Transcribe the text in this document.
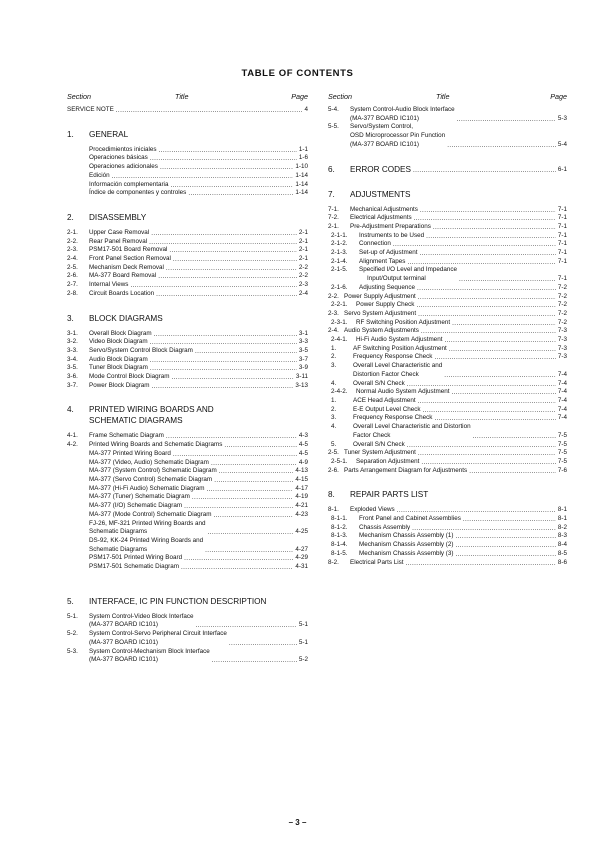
TABLE OF CONTENTS
Section	Title	Page
SERVICE NOTE .....	4
1.	GENERAL
Procedimientos iniciales .....	1-1
Operaciones básicas .....	1-6
Operaciones adicionales .....	1-10
Edición .....	1-14
Información complementaria .....	1-14
Índice de componentes y controles .....	1-14
2.	DISASSEMBLY
2-1.	Upper Case Removal .....	2-1
2-2.	Rear Panel Removal .....	2-1
2-3.	PSM17-501 Board Removal .....	2-1
2-4.	Front Panel Section Removal .....	2-1
2-5.	Mechanism Deck Removal .....	2-2
2-6.	MA-377 Board Removal .....	2-2
2-7.	Internal Views .....	2-3
2-8.	Circuit Boards Location .....	2-4
3.	BLOCK DIAGRAMS
3-1.	Overall Block Diagram .....	3-1
3-2.	Video Block Diagram .....	3-3
3-3.	Servo/System Control Block Diagram .....	3-5
3-4.	Audio Block Diagram .....	3-7
3-5.	Tuner Block Diagram .....	3-9
3-6.	Mode Control Block Diagram .....	3-11
3-7.	Power Block Diagram .....	3-13
4.	PRINTED WIRING BOARDS AND
SCHEMATIC DIAGRAMS
4-1.	Frame Schematic Diagram .....	4-3
4-2.	Printed Wiring Boards and Schematic Diagrams .....	4-5
MA-377 Printed Wiring Board .....	4-5
MA-377 (Video, Audio) Schematic Diagram .....	4-9
MA-377 (System Control) Schematic Diagram .....	4-13
MA-377 (Servo Control) Schematic Diagram .....	4-15
MA-377 (Hi-Fi Audio) Schematic Diagram .....	4-17
MA-377 (Tuner) Schematic Diagram .....	4-19
MA-377 (I/O) Schematic Diagram .....	4-21
MA-377 (Mode Control) Schematic Diagram .....	4-23
FJ-26, MF-321 Printed Wiring Boards and
Schematic Diagrams .....	4-25
DS-92, KK-24 Printed Wiring Boards and
Schematic Diagrams .....	4-27
PSM17-501 Printed Wiring Board .....	4-29
PSM17-501 Schematic Diagram .....	4-31
5.	INTERFACE, IC PIN FUNCTION DESCRIPTION
5-1.	System Control-Video Block Interface
(MA-377 BOARD IC101) .....	5-1
5-2.	System Control-Servo Peripheral Circuit Interface
(MA-377 BOARD IC101) .....	5-1
5-3.	System Control-Mechanism Block Interface
(MA-377 BOARD IC101) .....	5-2
Section	Title	Page
5-4.	System Control-Audio Block Interface
(MA-377 BOARD IC101) .....	5-3
5-5.	Servo/System Control,
OSD Microprocessor Pin Function
(MA-377 BOARD IC101) .....	5-4
6.	ERROR CODES .....	6-1
7.	ADJUSTMENTS
7-1.	Mechanical Adjustments .....	7-1
7-2.	Electrical Adjustments .....	7-1
2-1.	Pre-Adjustment Preparations .....	7-1
2-1-1.	Instruments to be Used .....	7-1
2-1-2.	Connection .....	7-1
2-1-3.	Set-up of Adjustment .....	7-1
2-1-4.	Alignment Tapes .....	7-1
2-1-5.	Specified I/O Level and Impedance
Input/Output terminal .....	7-1
2-1-6.	Adjusting Sequence .....	7-2
2-2. Power Supply Adjustment .....	7-2
2-2-1.	Power Supply Check .....	7-2
2-3. Servo System Adjustment .....	7-2
2-3-1.	RF Switching Position Adjustment .....	7-2
2-4. Audio System Adjustments .....	7-3
2-4-1.	Hi-Fi Audio System Adjustment .....	7-3
1.	AF Switching Position Adjustment .....	7-3
2.	Frequency Response Check .....	7-3
3.	Overall Level Characteristic and
Distortion Factor Check .....	7-4
4.	Overall S/N Check .....	7-4
2-4-2.	Normal Audio System Adjustment .....	7-4
1.	ACE Head Adjustment .....	7-4
2.	E-E Output Level Check .....	7-4
3.	Frequency Response Check .....	7-4
4.	Overall Level Characteristic and Distortion
Factor Check .....	7-5
5.	Overall S/N Check .....	7-5
2-5. Tuner System Adjustment .....	7-5
2-5-1.	Separation Adjustment .....	7-5
2-6. Parts Arrangement Diagram for Adjustments .....	7-6
8.	REPAIR PARTS LIST
8-1.	Exploded Views .....	8-1
8-1-1.	Front Panel and Cabinet Assemblies .....	8-1
8-1-2.	Chassis Assembly .....	8-2
8-1-3.	Mechanism Chassis Assembly (1) .....	8-3
8-1-4.	Mechanism Chassis Assembly (2) .....	8-4
8-1-5.	Mechanism Chassis Assembly (3) .....	8-5
8-2.	Electrical Parts List .....	8-6
– 3 –
